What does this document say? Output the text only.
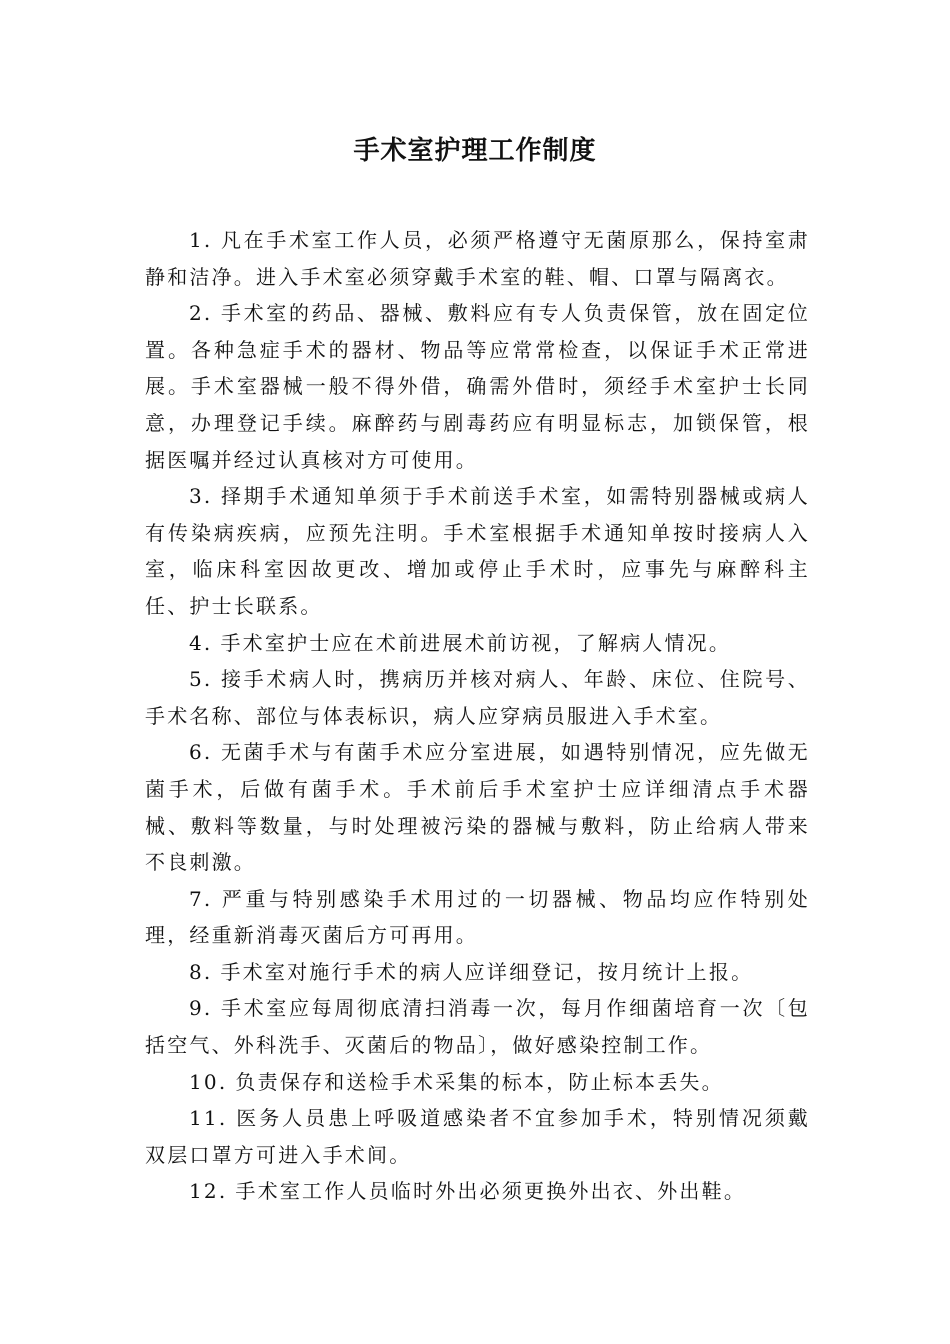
手术室护理工作制度

1. 凡在手术室工作人员，必须严格遵守无菌原那么，保持室肃静和洁净。进入手术室必须穿戴手术室的鞋、帽、口罩与隔离衣。

2. 手术室的药品、器械、敷料应有专人负责保管，放在固定位置。各种急症手术的器材、物品等应常常检查，以保证手术正常进展。手术室器械一般不得外借，确需外借时，须经手术室护士长同意，办理登记手续。麻醉药与剧毒药应有明显标志，加锁保管，根据医嘱并经过认真核对方可使用。

3. 择期手术通知单须于手术前送手术室，如需特别器械或病人有传染病疾病，应预先注明。手术室根据手术通知单按时接病人入室，临床科室因故更改、增加或停止手术时，应事先与麻醉科主任、护士长联系。

4. 手术室护士应在术前进展术前访视，了解病人情况。

5. 接手术病人时，携病历并核对病人、年龄、床位、住院号、手术名称、部位与体表标识，病人应穿病员服进入手术室。

6. 无菌手术与有菌手术应分室进展，如遇特别情况，应先做无菌手术，后做有菌手术。手术前后手术室护士应详细清点手术器械、敷料等数量，与时处理被污染的器械与敷料，防止给病人带来不良刺激。

7. 严重与特别感染手术用过的一切器械、物品均应作特别处理，经重新消毒灭菌后方可再用。

8. 手术室对施行手术的病人应详细登记，按月统计上报。

9. 手术室应每周彻底清扫消毒一次，每月作细菌培育一次〔包括空气、外科洗手、灭菌后的物品〕，做好感染控制工作。

10. 负责保存和送检手术采集的标本，防止标本丢失。

11. 医务人员患上呼吸道感染者不宜参加手术，特别情况须戴双层口罩方可进入手术间。

12. 手术室工作人员临时外出必须更换外出衣、外出鞋。
